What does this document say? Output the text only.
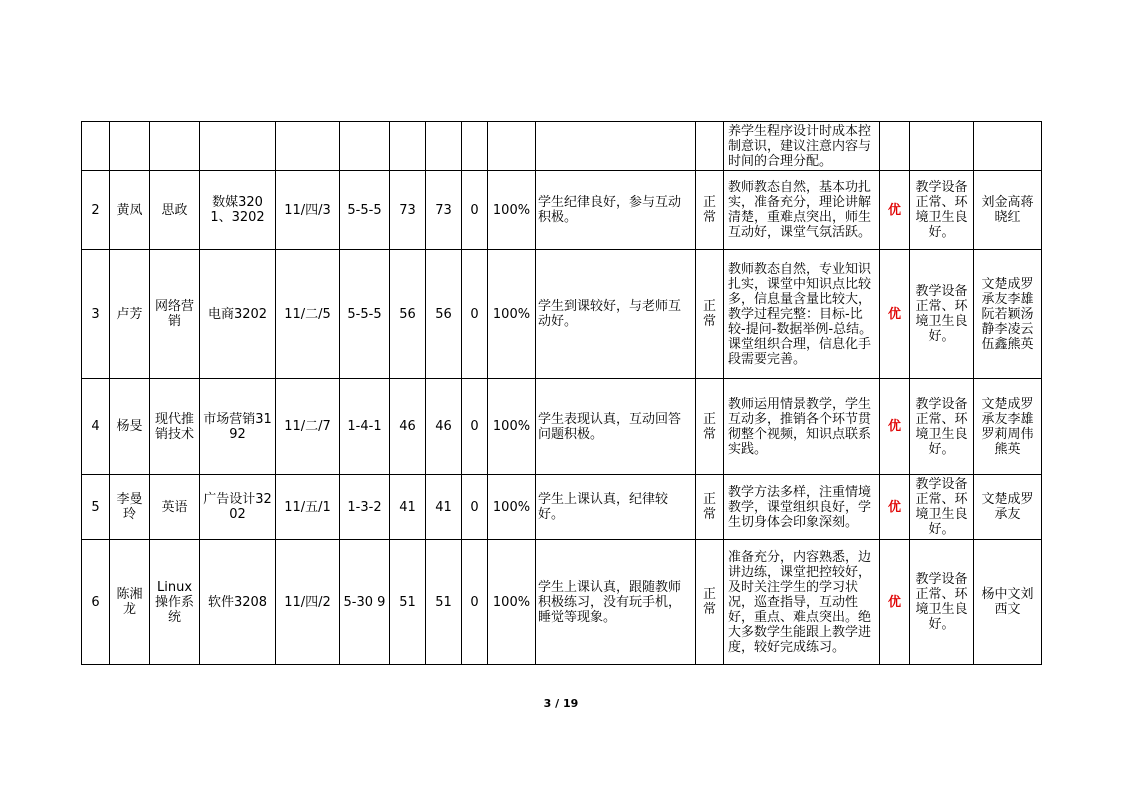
												养学生程序设计时成本控制意识，建议注意内容与时间的合理分配。			
2	黄凤	思政	数媒3201、3202	11/四/3	5-5-5	73	73	0	100%	学生纪律良好，参与互动积极。	正常	教师教态自然，基本功扎实，准备充分，理论讲解清楚，重难点突出，师生互动好，课堂气氛活跃。	优	教学设备正常、环境卫生良好。	刘金高蒋晓红
3	卢芳	网络营销	电商3202	11/二/5	5-5-5	56	56	0	100%	学生到课较好，与老师互动好。	正常	教师教态自然，专业知识扎实，课堂中知识点比较多，信息量含量比较大，教学过程完整：目标-比较-提问-数据举例-总结。课堂组织合理，信息化手段需要完善。	优	教学设备正常、环境卫生良好。	文楚成罗承友李雄阮若颖汤静李凌云伍鑫熊英
4	杨旻	现代推销技术	市场营销3192	11/二/7	1-4-1	46	46	0	100%	学生表现认真，互动回答问题积极。	正常	教师运用情景教学，学生互动多，推销各个环节贯彻整个视频，知识点联系实践。	优	教学设备正常、环境卫生良好。	文楚成罗承友李雄罗莉周伟熊英
5	李曼玲	英语	广告设计3202	11/五/1	1-3-2	41	41	0	100%	学生上课认真，纪律较好。	正常	教学方法多样，注重情境教学，课堂组织良好，学生切身体会印象深刻。	优	教学设备正常、环境卫生良好。	文楚成罗承友
6	陈湘龙	Linux操作系统	软件3208	11/四/2	5-30 9	51	51	0	100%	学生上课认真，跟随教师积极练习，没有玩手机，睡觉等现象。	正常	准备充分，内容熟悉，边讲边练，课堂把控较好，及时关注学生的学习状况，巡查指导，互动性好，重点、难点突出。绝大多数学生能跟上教学进度，较好完成练习。	优	教学设备正常、环境卫生良好。	杨中文刘西文
3 / 19
